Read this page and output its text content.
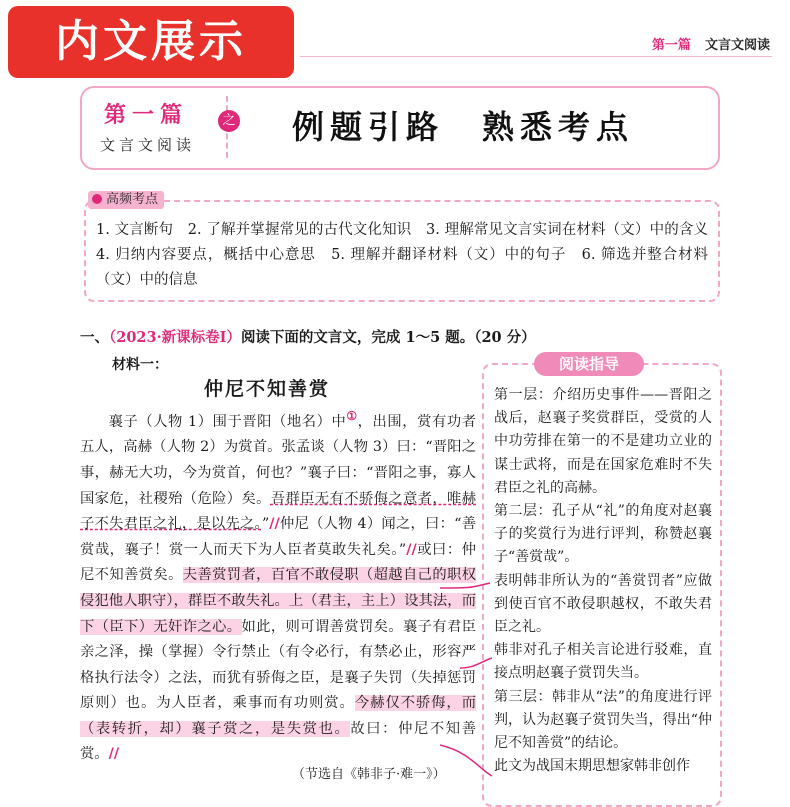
内文展示	第一篇 文言文阅读
第一篇
文言文阅读
之 例题引路　熟悉考点
高频考点
1. 文言断句　2. 了解并掌握常见的古代文化知识　3. 理解常见文言实词在材料（文）中的含义　4. 归纳内容要点，概括中心意思　5. 理解并翻译材料（文）中的句子　6. 筛选并整合材料（文）中的信息
一、（2023·新课标卷Ⅰ）阅读下面的文言文，完成 1～5 题。（20 分）
材料一：
仲尼不知善赏

襄子（人物 1）围于晋阳（地名）中①，出围，赏有功者五人，高赫（人物 2）为赏首。张孟谈（人物 3）曰：“晋阳之事，赫无大功，今为赏首，何也？”襄子曰：“晋阳之事，寡人国家危，社稷殆（危险）矣。吾群臣无有不骄侮之意者，唯赫子不失君臣之礼，是以先之。”//仲尼（人物 4）闻之，曰：“善赏哉，襄子！赏一人而天下为人臣者莫敢失礼矣。”//或曰：仲尼不知善赏矣。夫善赏罚者，百官不敢侵职（超越自己的职权侵犯他人职守），群臣不敢失礼。上（君主，主上）设其法，而下（臣下）无奸诈之心。如此，则可谓善赏罚矣。襄子有君臣亲之泽，操（掌握）令行禁止（有令必行，有禁必止，形容严格执行法令）之法，而犹有骄侮之臣，是襄子失罚（失掉惩罚原则）也。为人臣者，乘事而有功则赏。今赫仅不骄侮，而（表转折，却）襄子赏之，是失赏也。故曰：仲尼不知善赏。//

（节选自《韩非子·难一》）
阅读指导

第一层：介绍历史事件——晋阳之战后，赵襄子奖赏群臣，受赏的人中功劳排在第一的不是建功立业的谋士武将，而是在国家危难时不失君臣之礼的高赫。

第二层：孔子从“礼”的角度对赵襄子的奖赏行为进行评判，称赞赵襄子“善赏哉”。

表明韩非所认为的“善赏罚者”应做到使百官不敢侵职越权，不敢失君臣之礼。

韩非对孔子相关言论进行驳难，直接点明赵襄子赏罚失当。

第三层：韩非从“法”的角度进行评判，认为赵襄子赏罚失当，得出“仲尼不知善赏”的结论。

此文为战国末期思想家韩非创作
